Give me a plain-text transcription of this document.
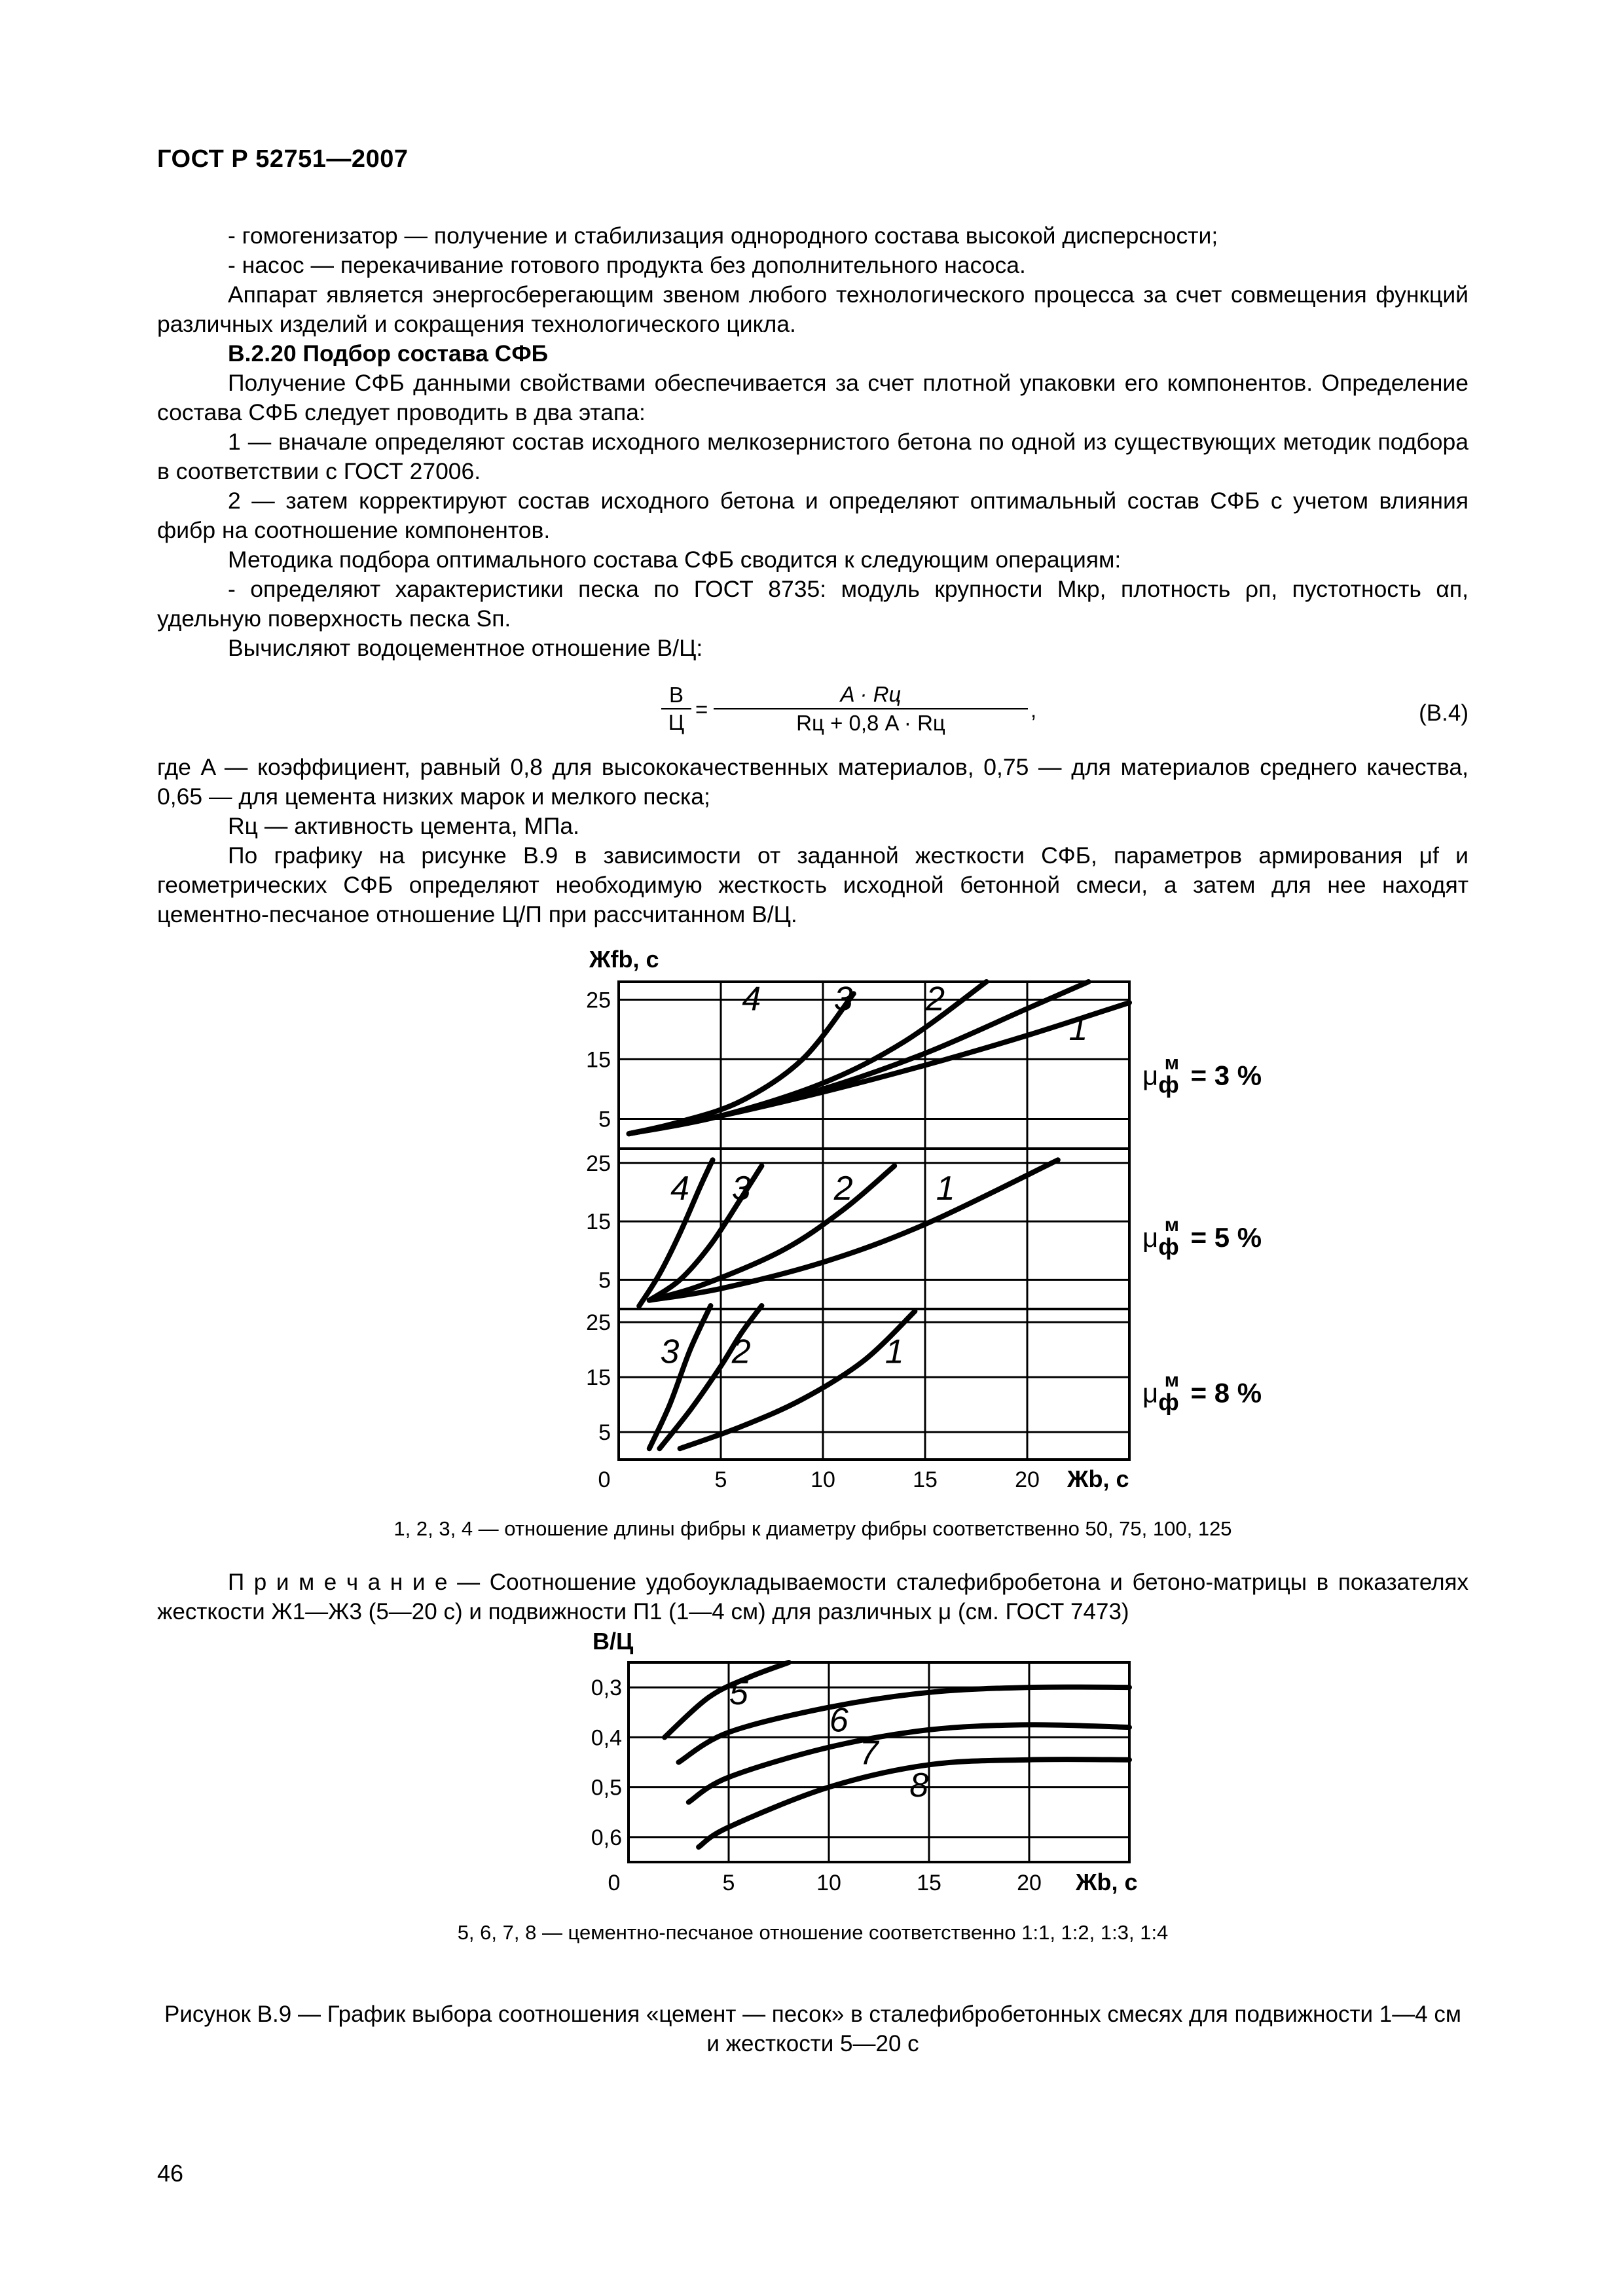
ГОСТ Р 52751—2007

- гомогенизатор — получение и стабилизация однородного состава высокой дисперсности;

- насос — перекачивание готового продукта без дополнительного насоса.

Аппарат является энергосберегающим звеном любого технологического процесса за счет совмещения функций различных изделий и сокращения технологического цикла.

В.2.20 Подбор состава СФБ

Получение СФБ данными свойствами обеспечивается за счет плотной упаковки его компонентов. Определение состава СФБ следует проводить в два этапа:

1 — вначале определяют состав исходного мелкозернистого бетона по одной из существующих методик подбора в соответствии с ГОСТ 27006.

2 — затем корректируют состав исходного бетона и определяют оптимальный состав СФБ с учетом влияния фибр на соотношение компонентов.

Методика подбора оптимального состава СФБ сводится к следующим операциям:

- определяют характеристики песка по ГОСТ 8735: модуль крупности Мкр, плотность ρп, пустотность αп, удельную поверхность песка Sп.

Вычисляют водоцементное отношение В/Ц:

В
Ц
=
A · Rц
Rц + 0,8 A · Rц
,	(В.4)

где A — коэффициент, равный 0,8 для высококачественных материалов, 0,75 — для материалов среднего качества, 0,65 — для цемента низких марок и мелкого песка;

Rц — активность цемента, МПа.

По графику на рисунке В.9 в зависимости от заданной жесткости СФБ, параметров армирования μf и геометрических СФБ определяют необходимую жесткость исходной бетонной смеси, а затем для нее находят цементно-песчаное отношение Ц/П при рассчитанном В/Ц.

Жfb, с
25
15
5
1
2
3
4
μфм = 3 %
25
15
5
1
2
3
4
μфм = 5 %
25
15
5
1
2
3
μфм = 8 %
0	5	10	15	20 Жb, с
В/Ц
0,3
0,4
0,5
0,6
5
6
7
8
0	5	10	15	20 Жb, с
1, 2, 3, 4 — отношение длины фибры к диаметру фибры соответственно 50, 75, 100, 125

П р и м е ч а н и е — Соотношение удобоукладываемости сталефибробетона и бетоно-матрицы в показателях жесткости Ж1—Ж3 (5—20 с) и подвижности П1 (1—4 см) для различных μ (см. ГОСТ 7473)

5, 6, 7, 8 — цементно-песчаное отношение соответственно 1:1, 1:2, 1:3, 1:4
Рисунок В.9 — График выбора соотношения «цемент — песок» в сталефибробетонных смесях для подвижности 1—4 см и жесткости 5—20 с
46
